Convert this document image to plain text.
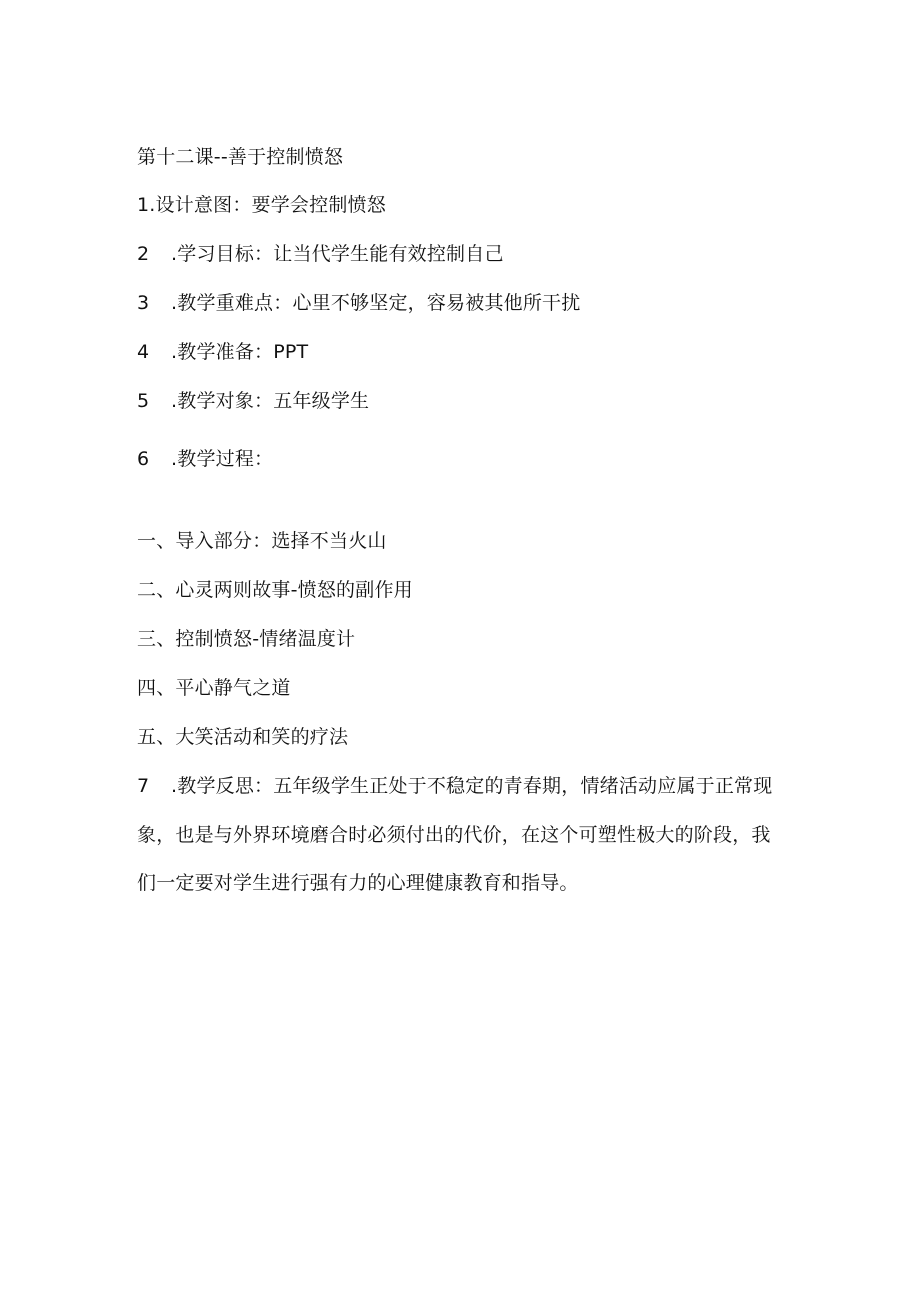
第十二课--善于控制愤怒
1.设计意图：要学会控制愤怒
2 .学习目标：让当代学生能有效控制自己
3 .教学重难点：心里不够坚定，容易被其他所干扰
4 .教学准备：PPT
5 .教学对象：五年级学生
6 .教学过程：
一、导入部分：选择不当火山
二、心灵两则故事-愤怒的副作用
三、控制愤怒-情绪温度计
四、平心静气之道
五、大笑活动和笑的疗法
7 .教学反思：五年级学生正处于不稳定的青春期，情绪活动应属于正常现象，也是与外界环境磨合时必须付出的代价，在这个可塑性极大的阶段，我们一定要对学生进行强有力的心理健康教育和指导。
